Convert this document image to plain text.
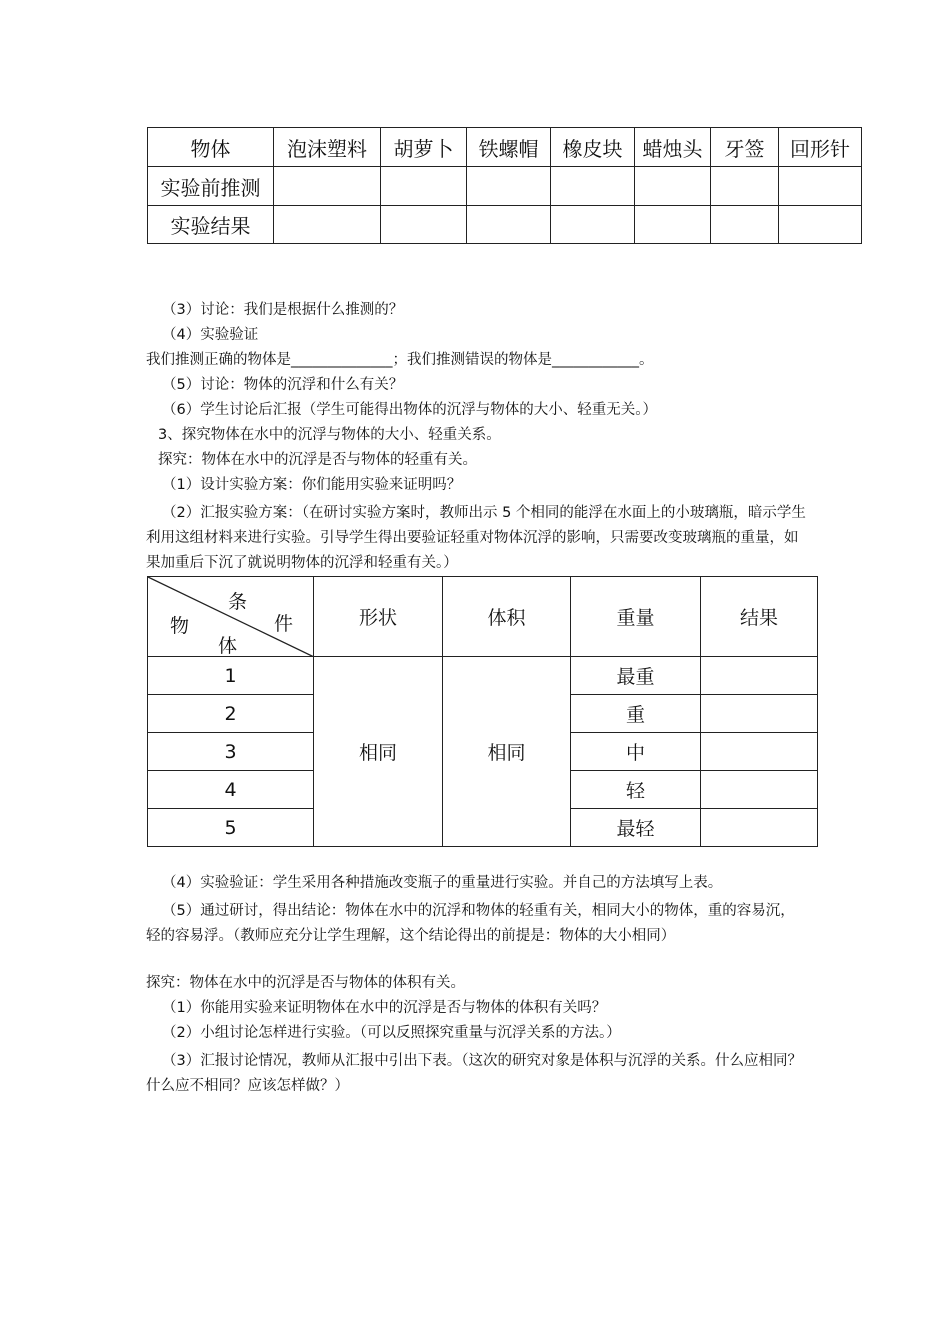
物体	泡沫塑料	胡萝卜	铁螺帽	橡皮块	蜡烛头	牙签	回形针
实验前推测							
实验结果							
（3）讨论：我们是根据什么推测的？
（4）实验验证
我们推测正确的物体是______________；我们推测错误的物体是____________。
（5）讨论：物体的沉浮和什么有关？
（6）学生讨论后汇报（学生可能得出物体的沉浮与物体的大小、轻重无关。）
3、探究物体在水中的沉浮与物体的大小、轻重关系。
探究：物体在水中的沉浮是否与物体的轻重有关。
（1）设计实验方案：你们能用实验来证明吗？
（2）汇报实验方案：（在研讨实验方案时，教师出示 5 个相同的能浮在水面上的小玻璃瓶，暗示学生利用这组材料来进行实验。引导学生得出要验证轻重对物体沉浮的影响，只需要改变玻璃瓶的重量，如果加重后下沉了就说明物体的沉浮和轻重有关。）
条
物 件
体	形状	体积	重量	结果
1	相同	相同	最重	
2			重	
3			中	
4			轻	
5			最轻	
（4）实验验证：学生采用各种措施改变瓶子的重量进行实验。并自己的方法填写上表。
（5）通过研讨，得出结论：物体在水中的沉浮和物体的轻重有关，相同大小的物体，重的容易沉，轻的容易浮。（教师应充分让学生理解，这个结论得出的前提是：物体的大小相同）
探究：物体在水中的沉浮是否与物体的体积有关。
（1）你能用实验来证明物体在水中的沉浮是否与物体的体积有关吗？
（2）小组讨论怎样进行实验。（可以反照探究重量与沉浮关系的方法。）
（3）汇报讨论情况，教师从汇报中引出下表。（这次的研究对象是体积与沉浮的关系。什么应相同？什么应不相同？应该怎样做？）
